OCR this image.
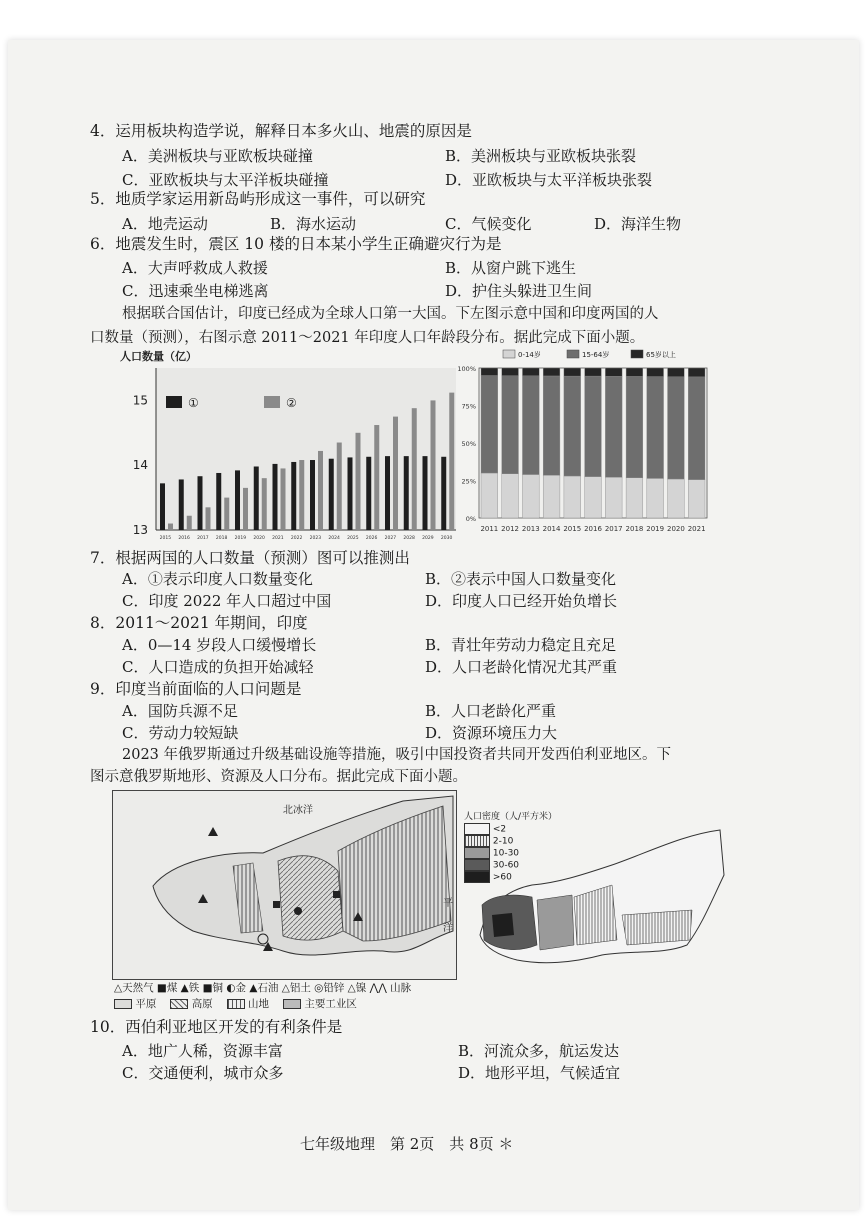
4．运用板块构造学说，解释日本多火山、地震的原因是
A．美洲板块与亚欧板块碰撞	B．美洲板块与亚欧板块张裂
C．亚欧板块与太平洋板块碰撞	D．亚欧板块与太平洋板块张裂
5．地质学家运用新岛屿形成这一事件，可以研究
A．地壳运动	B．海水运动	C．气候变化	D．海洋生物
6．地震发生时，震区 10 楼的日本某小学生正确避灾行为是
A．大声呼救成人救援	B．从窗户跳下逃生
C．迅速乘坐电梯逃离	D．护住头躲进卫生间
根据联合国估计，印度已经成为全球人口第一大国。下左图示意中国和印度两国的人
口数量（预测），右图示意 2011～2021 年印度人口年龄段分布。据此完成下面小题。
人口数量（亿）
13
14
15
2015 2016 2017 2018 2019 2020 2021 2022 2023 2024 2025 2026 2027 2028 2029 2030
①	②
0-14岁	15-64岁	65岁以上
0%
25%
50%
75%
100%
2011 2012 2013 2014 2015 2016 2017 2018 2019 2020 2021
7．根据两国的人口数量（预测）图可以推测出
A．①表示印度人口数量变化	B．②表示中国人口数量变化
C．印度 2022 年人口超过中国	D．印度人口已经开始负增长
8．2011～2021 年期间，印度
A．0—14 岁段人口缓慢增长	B．青壮年劳动力稳定且充足
C．人口造成的负担开始减轻	D．人口老龄化情况尤其严重
9．印度当前面临的人口问题是
A．国防兵源不足	B．人口老龄化严重
C．劳动力较短缺	D．资源环境压力大
2023 年俄罗斯通过升级基础设施等措施，吸引中国投资者共同开发西伯利亚地区。下
图示意俄罗斯地形、资源及人口分布。据此完成下面小题。
北冰洋
平
洋
△天然气 ■煤 ▲铁 ■铜 ◐金 ▲石油 △铝土 ◎铅锌 △镍 ⋀⋀ 山脉
平原	高原	山地	主要工业区
人口密度（人/平方米）
<2
2-10
10-30
30-60
>60
10．西伯利亚地区开发的有利条件是
A．地广人稀，资源丰富	B．河流众多，航运发达
C．交通便利，城市众多	D．地形平坦，气候适宜
七年级地理　第 2页　共 8页 ＊
